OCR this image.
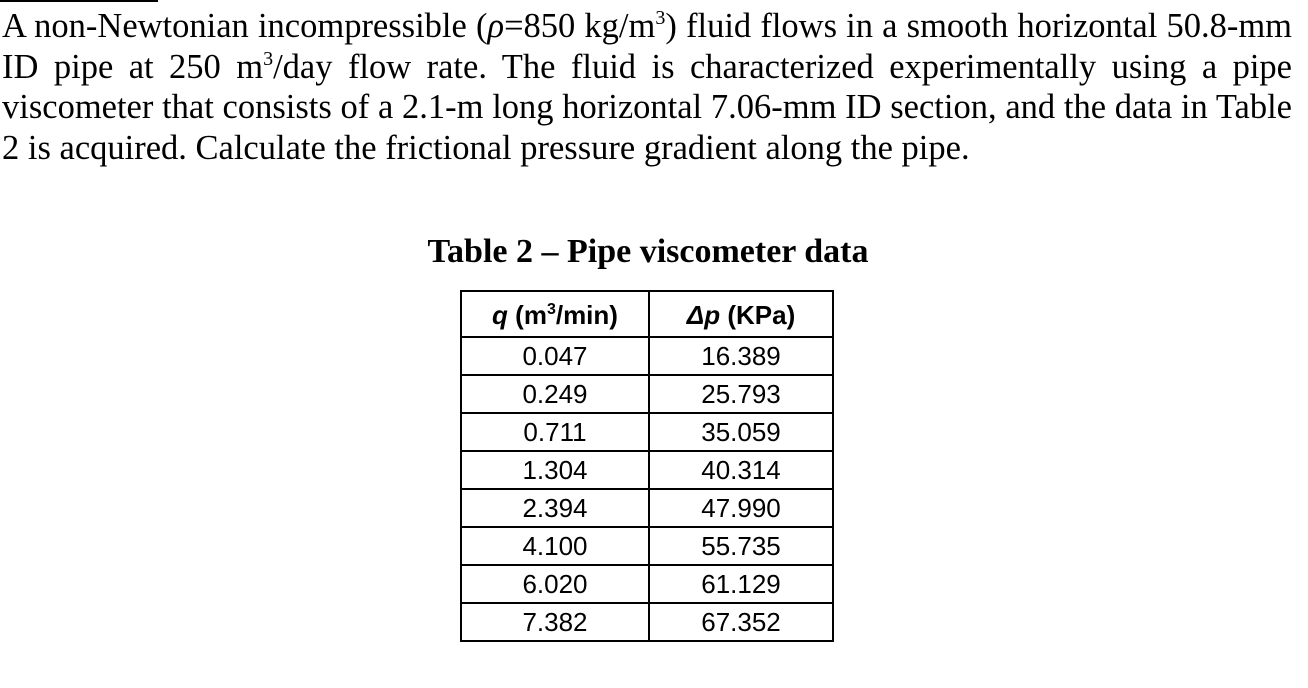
A non-Newtonian incompressible (ρ=850 $kg/m^3$) fluid flows in a smooth horizontal 50.8-mm ID pipe at 250 $m^3$/day flow rate. The fluid is characterized experimentally using a pipe viscometer that consists of a 2.1-m long horizontal 7.06-mm ID section, and the data in Table 2 is acquired. Calculate the frictional pressure gradient along the pipe.

Table 2 – Pipe viscometer data
q $(m^3/\min)$	Δp (KPa)
0.047	16.389
0.249	25.793
0.711	35.059
1.304	40.314
2.394	47.990
4.100	55.735
6.020	61.129
7.382	67.352
